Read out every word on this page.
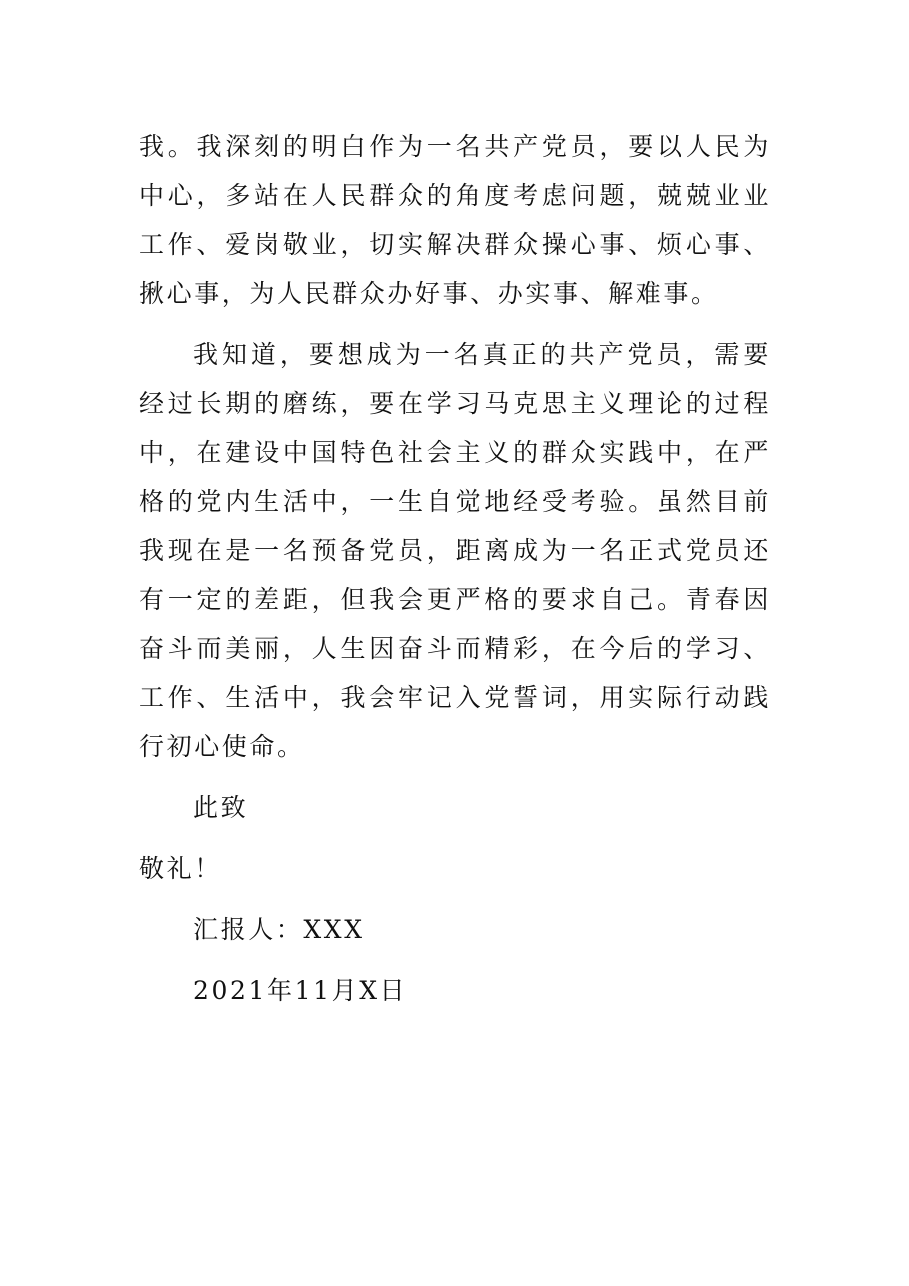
我。我深刻的明白作为一名共产党员，要以人民为中心，多站在人民群众的角度考虑问题，兢兢业业工作、爱岗敬业，切实解决群众操心事、烦心事、揪心事，为人民群众办好事、办实事、解难事。

我知道，要想成为一名真正的共产党员，需要经过长期的磨练，要在学习马克思主义理论的过程中，在建设中国特色社会主义的群众实践中，在严格的党内生活中，一生自觉地经受考验。虽然目前我现在是一名预备党员，距离成为一名正式党员还有一定的差距，但我会更严格的要求自己。青春因奋斗而美丽，人生因奋斗而精彩，在今后的学习、工作、生活中，我会牢记入党誓词，用实际行动践行初心使命。

此致

敬礼！

汇报人：XXX

2021年11月X日
